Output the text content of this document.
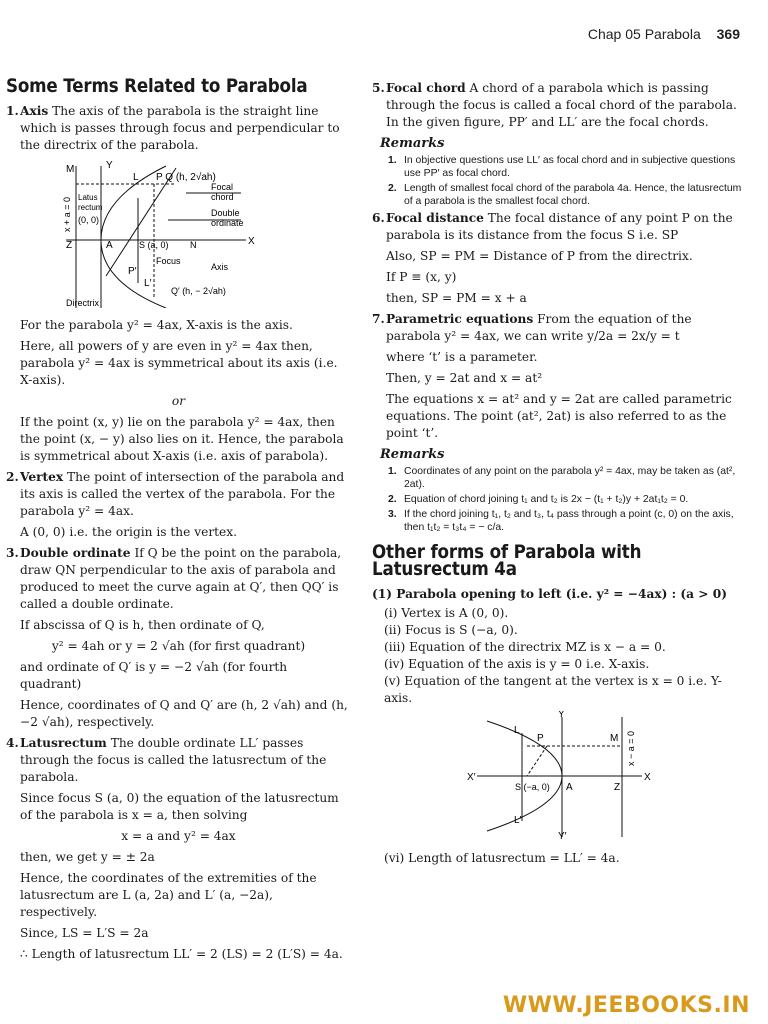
Chap 05 Parabola 369
Some Terms Related to Parabola
1. Axis The axis of the parabola is the straight line which is passes through focus and perpendicular to the directrix of the parabola.
M	Y
L P Q (h, 2√ah)
x + a = 0 Latus
rectum
(0, 0)
Focal
chord
Double
ordinate
Z	A	S (a, 0) N	X
Focus
Axis
P′
L′
Q′ (h, − 2√ah)
Directrix
For the parabola y² = 4ax, X-axis is the axis.
Here, all powers of y are even in y² = 4ax then, parabola y² = 4ax is symmetrical about its axis (i.e. X-axis).
or
If the point (x, y) lie on the parabola y² = 4ax, then the point (x, − y) also lies on it. Hence, the parabola is symmetrical about X-axis (i.e. axis of parabola).
2. Vertex The point of intersection of the parabola and its axis is called the vertex of the parabola. For the parabola y² = 4ax.
A (0, 0) i.e. the origin is the vertex.
3. Double ordinate If Q be the point on the parabola, draw QN perpendicular to the axis of parabola and produced to meet the curve again at Q′, then QQ′ is called a double ordinate.
If abscissa of Q is h, then ordinate of Q,
y² = 4ah or y = 2 √ah (for first quadrant)
and ordinate of Q′ is y = −2 √ah (for fourth quadrant)
Hence, coordinates of Q and Q′ are (h, 2 √ah) and (h, −2 √ah), respectively.
4. Latusrectum The double ordinate LL′ passes through the focus is called the latusrectum of the parabola.
Since focus S (a, 0) the equation of the latusrectum of the parabola is x = a, then solving
x = a and y² = 4ax
then, we get y = ± 2a
Hence, the coordinates of the extremities of the latusrectum are L (a, 2a) and L′ (a, −2a), respectively.
Since, LS = L′S = 2a
∴ Length of latusrectum LL′ = 2 (LS) = 2 (L′S) = 4a.
5. Focal chord A chord of a parabola which is passing through the focus is called a focal chord of the parabola. In the given figure, PP′ and LL′ are the focal chords.
Remarks
1. In objective questions use LL′ as focal chord and in subjective questions use PP′ as focal chord.
2. Length of smallest focal chord of the parabola 4a. Hence, the latusrectum of a parabola is the smallest focal chord.
6. Focal distance The focal distance of any point P on the parabola is its distance from the focus S i.e. SP
Also, SP = PM = Distance of P from the directrix.
If P ≡ (x, y)
then, SP = PM = x + a
7. Parametric equations From the equation of the parabola y² = 4ax, we can write y/2a = 2x/y = t
where ‘t’ is a parameter.
Then, y = 2at and x = at²
The equations x = at² and y = 2at are called parametric equations. The point (at², 2at) is also referred to as the point ‘t’.
Remarks
1. Coordinates of any point on the parabola y² = 4ax, may be taken as (at², 2at).
2. Equation of chord joining t₁ and t₂ is 2x − (t₁ + t₂)y + 2at₁t₂ = 0.
3. If the chord joining t₁, t₂ and t₃, t₄ pass through a point (c, 0) on the axis, then t₁t₂ = t₃t₄ = − c/a.
Other forms of Parabola with
Latusrectum 4a
(1) Parabola opening to left (i.e. y² = −4ax) : (a > 0)
(i) Vertex is A (0, 0).
(ii) Focus is S (−a, 0).
(iii) Equation of the directrix MZ is x − a = 0.
(iv) Equation of the axis is y = 0 i.e. X-axis.
(v) Equation of the tangent at the vertex is x = 0 i.e. Y-axis.
Y
L
P	M x − a = 0
X′	X
S (−a, 0) A	Z
L′
Y′
(vi) Length of latusrectum = LL′ = 4a.
WWW.JEEBOOKS.IN
